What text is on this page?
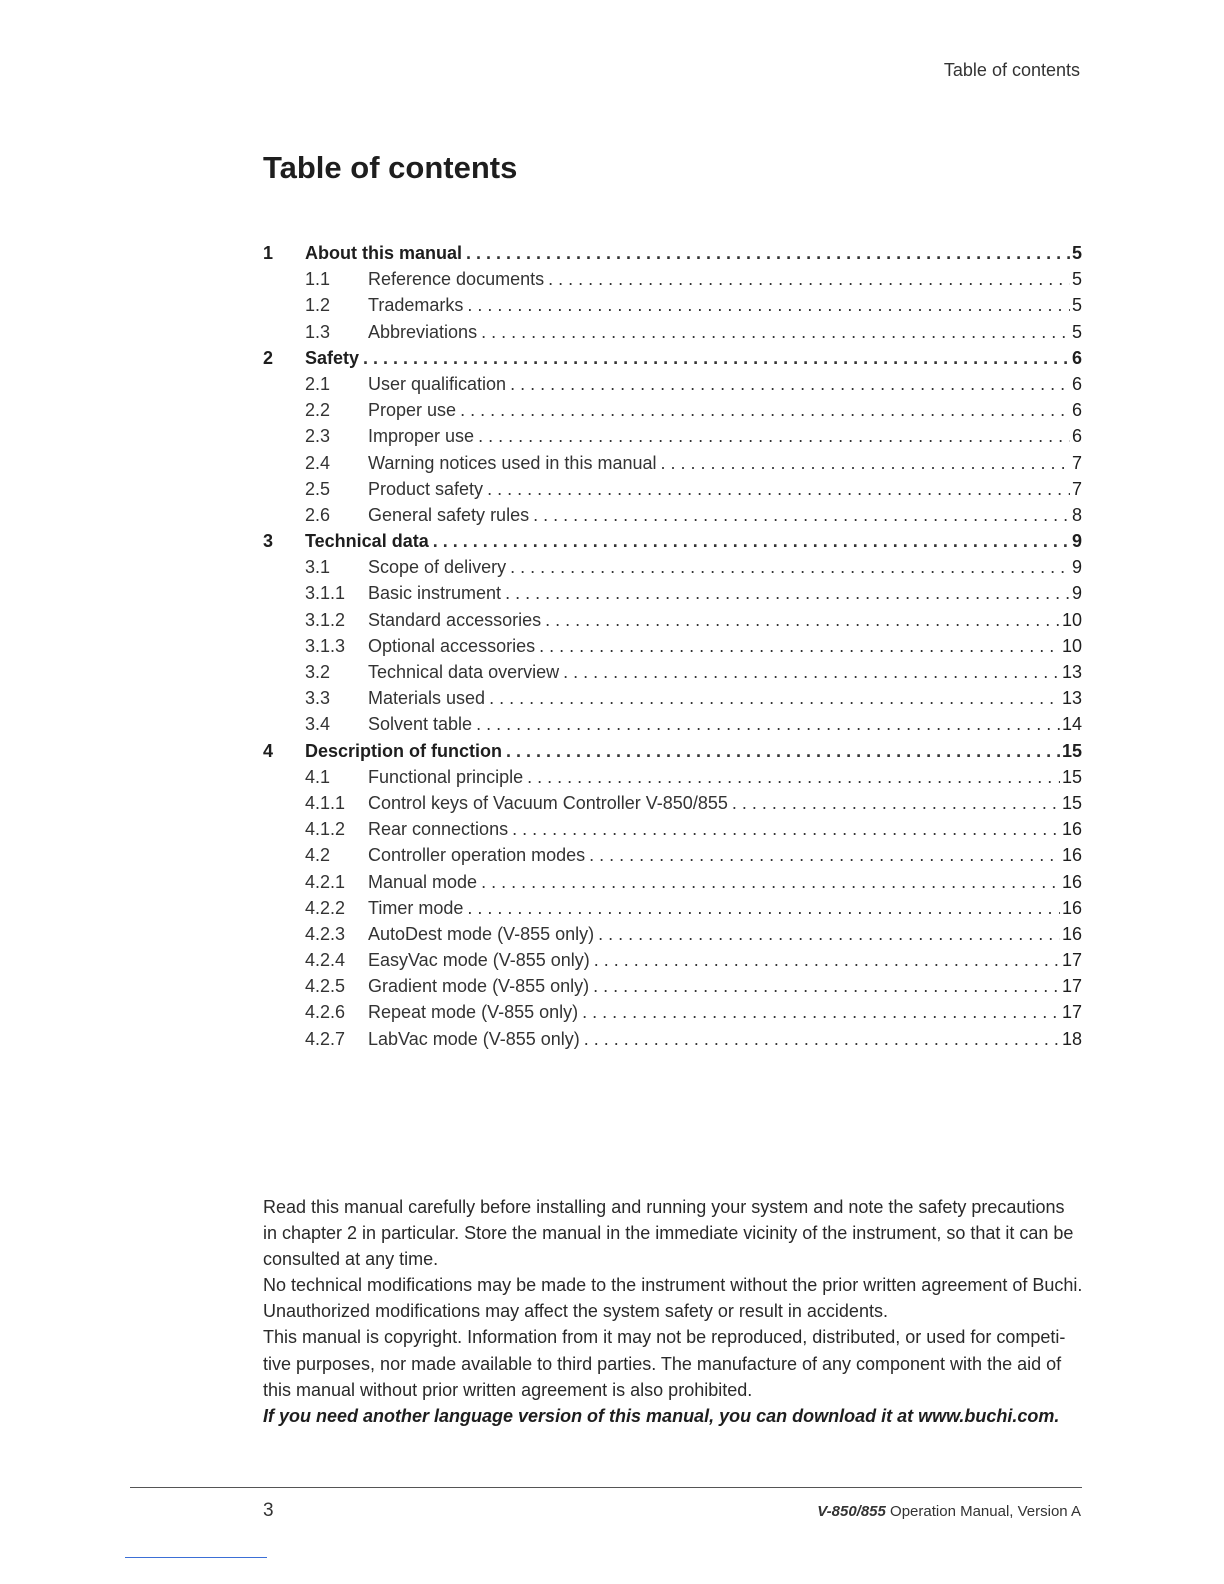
Table of contents
Table of contents
1	About this manual . . .	5
1.1	Reference documents . . .	5
1.2	Trademarks . . .	5
1.3	Abbreviations . . .	5
2	Safety . . .	6
2.1	User qualification . . .	6
2.2	Proper use . . .	6
2.3	Improper use . . .	6
2.4	Warning notices used in this manual . . .	7
2.5	Product safety . . .	7
2.6	General safety rules . . .	8
3	Technical data . . .	9
3.1	Scope of delivery . . .	9
3.1.1	Basic instrument . . .	9
3.1.2	Standard accessories . . .	10
3.1.3	Optional accessories . . .	10
3.2	Technical data overview . . .	13
3.3	Materials used . . .	13
3.4	Solvent table . . .	14
4	Description of function . . .	15
4.1	Functional principle . . .	15
4.1.1	Control keys of Vacuum Controller V-850/855 . . .	15
4.1.2	Rear connections . . .	16
4.2	Controller operation modes . . .	16
4.2.1	Manual mode . . .	16
4.2.2	Timer mode . . .	16
4.2.3	AutoDest mode (V-855 only) . . .	16
4.2.4	EasyVac mode (V-855 only) . . .	17
4.2.5	Gradient mode (V-855 only) . . .	17
4.2.6	Repeat mode (V-855 only) . . .	17
4.2.7	LabVac mode (V-855 only) . . .	18

Read this manual carefully before installing and running your system and note the safety precautions in chapter 2 in particular. Store the manual in the immediate vicinity of the instrument, so that it can be consulted at any time.

No technical modifications may be made to the instrument without the prior written agreement of Buchi. Unauthorized modifications may affect the system safety or result in accidents.

This manual is copyright. Information from it may not be reproduced, distributed, or used for competitive purposes, nor made available to third parties. The manufacture of any component with the aid of this manual without prior written agreement is also prohibited.

If you need another language version of this manual, you can download it at www.buchi.com.

3	V-850/855 Operation Manual, Version A
